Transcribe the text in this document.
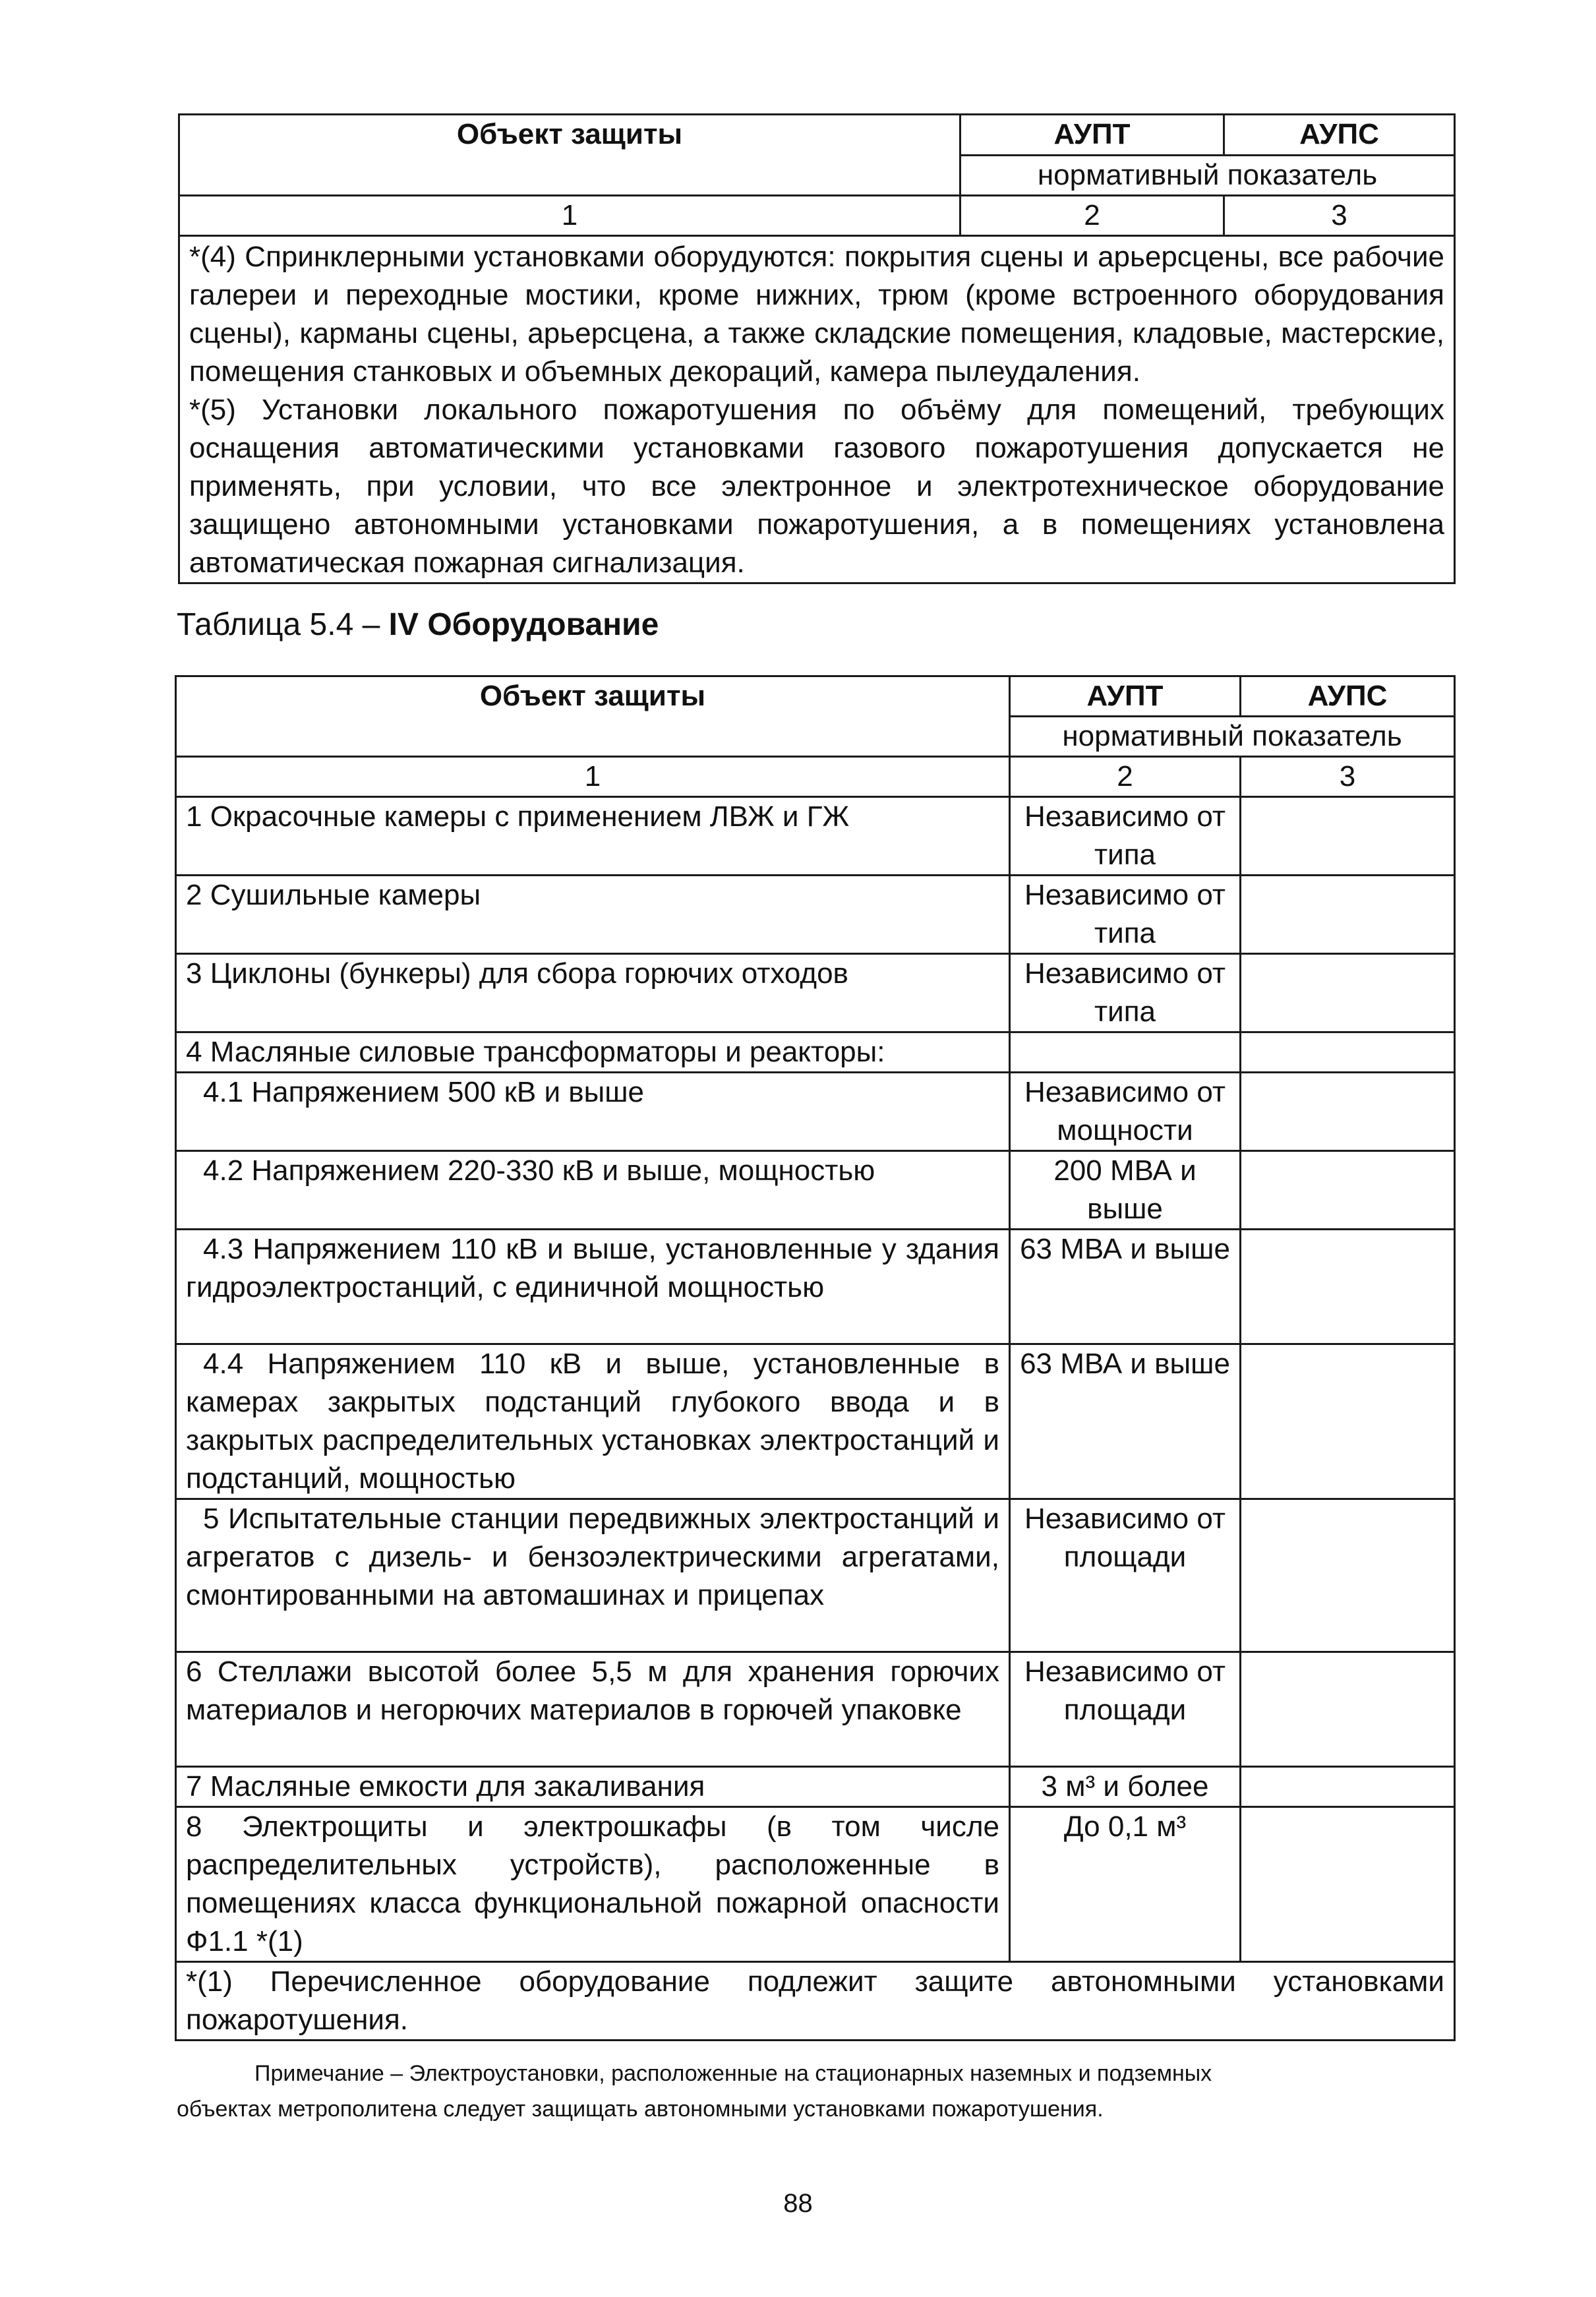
Объект защиты	АУПТ	АУПС
	нормативный показатель	
1	2	3

*(4) Спринклерными установками оборудуются: покрытия сцены и арьерсцены, все рабочие галереи и переходные мостики, кроме нижних, трюм (кроме встроенного оборудования сцены), карманы сцены, арьерсцена, а также складские помещения, кладовые, мастерские, помещения станковых и объемных декораций, камера пылеудаления.
*(5) Установки локального пожаротушения по объёму для помещений, требующих оснащения автоматическими установками газового пожаротушения допускается не применять, при условии, что все электронное и электротехническое оборудование защищено автономными установками пожаротушения, а в помещениях установлена автоматическая пожарная сигнализация.		
Таблица 5.4 – IV Оборудование
Объект защиты	АУПТ	АУПС
	нормативный показатель	
1	2	3
1 Окрасочные камеры с применением ЛВЖ и ГЖ	Независимо от типа	
2 Сушильные камеры	Независимо от типа	
3 Циклоны (бункеры) для сбора горючих отходов	Независимо от типа	
4 Масляные силовые трансформаторы и реакторы:		
4.1 Напряжением 500 кВ и выше	Независимо от мощности	
4.2 Напряжением 220-330 кВ и выше, мощностью	200 МВА и выше	
4.3 Напряжением 110 кВ и выше, установленные у здания гидроэлектростанций, с единичной мощностью	63 МВА и выше	
4.4 Напряжением 110 кВ и выше, установленные в камерах закрытых подстанций глубокого ввода и в закрытых распределительных установках электростанций и подстанций, мощностью	63 МВА и выше	
5 Испытательные станции передвижных электростанций и агрегатов с дизель- и бензоэлектрическими агрегатами, смонтированными на автомашинах и прицепах	Независимо от площади	
6 Стеллажи высотой более 5,5 м для хранения горючих материалов и негорючих материалов в горючей упаковке	Независимо от площади	
7 Масляные емкости для закаливания	3 м³ и более	
8 Электрощиты и электрошкафы (в том числе распределительных устройств), расположенные в помещениях класса функциональной пожарной опасности Ф1.1 *(1)	До 0,1 м³	
*(1) Перечисленное оборудование подлежит защите автономными установками пожаротушения.		
Примечание – Электроустановки, расположенные на стационарных наземных и подземных
объектах метрополитена следует защищать автономными установками пожаротушения.
88
